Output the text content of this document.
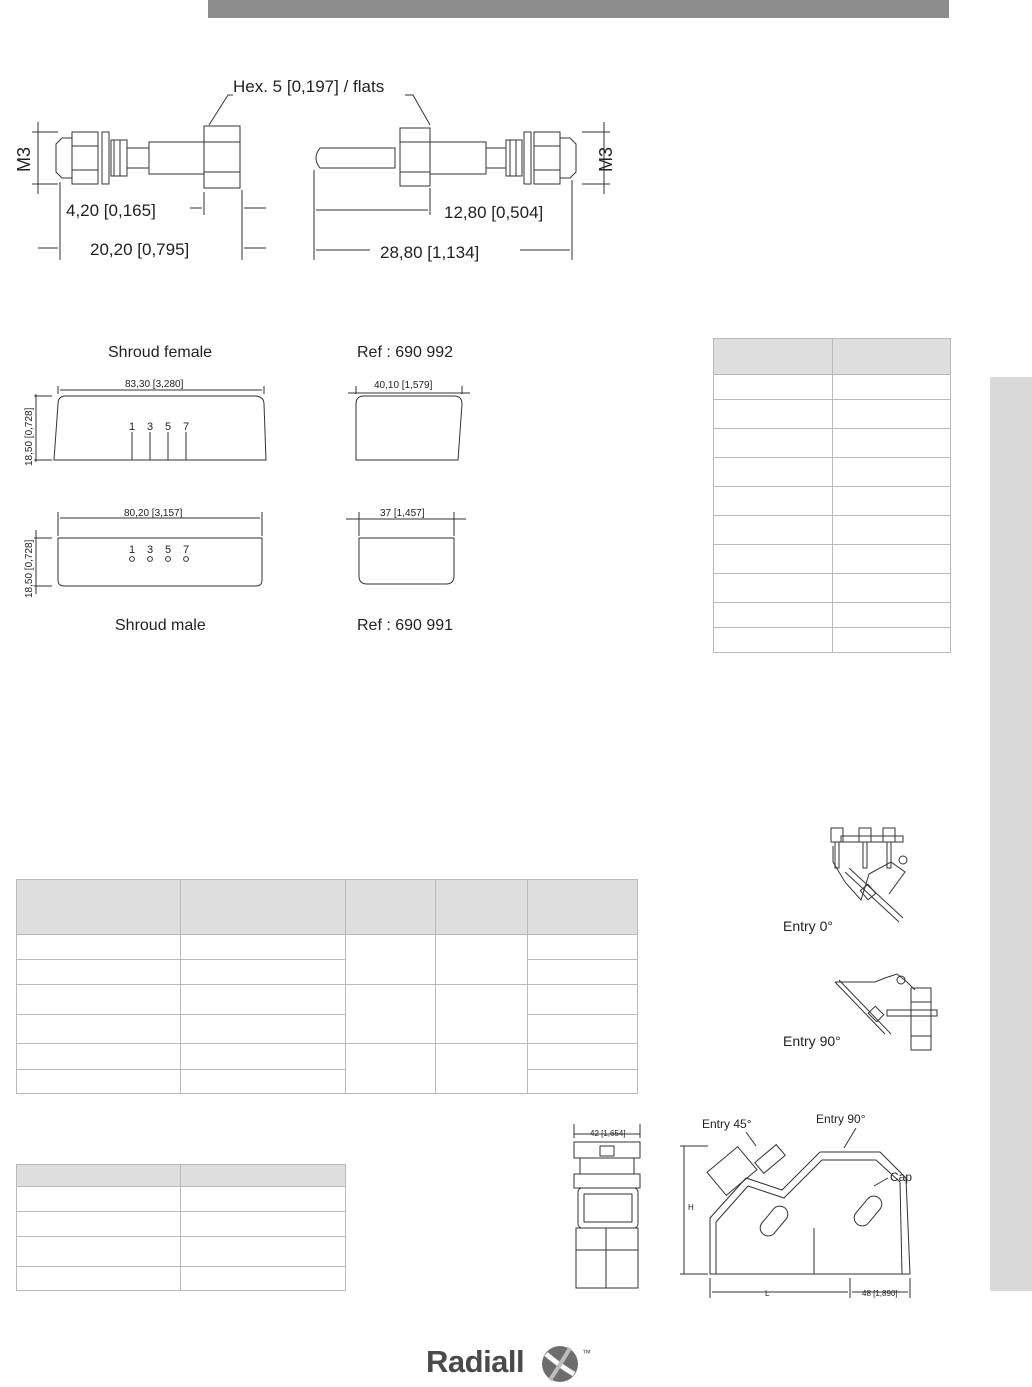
Hex. 5 [0,197] / flats
M3	M3
4,20 [0,165]
20,20 [0,795]
12,80 [0,504]
28,80 [1,134]
Shroud female	Ref : 690 992
83,30 [3,280]
1 3 5 7
18,50 [0,728]
40,10 [1,579]
80,20 [3,157]
1 3 5 7
18,50 [0,728]
37 [1,457]
Shroud male	Ref : 690 991

Entry 0°
Entry 90°

42 [1,654]
Entry 45°	Entry 90°
Cap
H
L	48 [1,890]
Radiall	™
